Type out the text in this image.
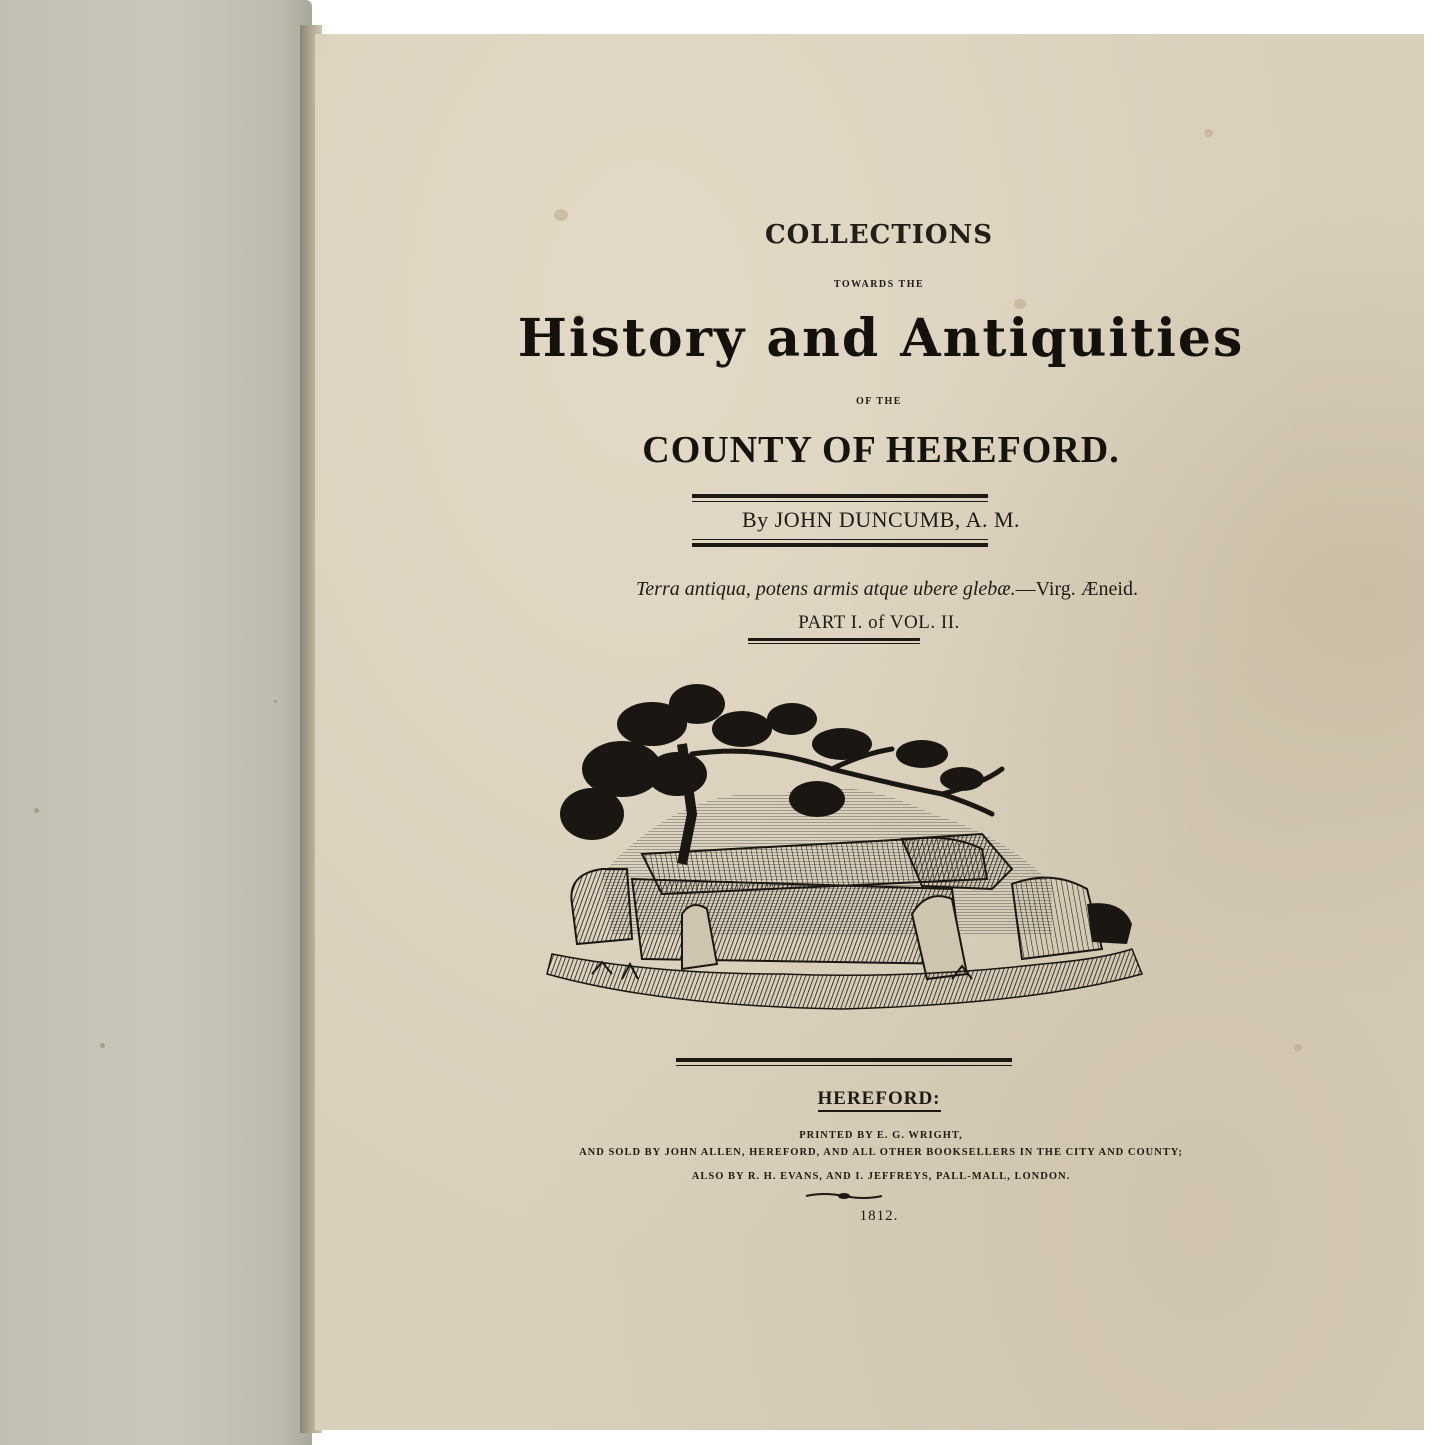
COLLECTIONS
TOWARDS THE
History and Antiquities
OF THE
COUNTY OF HEREFORD.
By JOHN DUNCUMB, A. M.
Terra antiqua, potens armis atque ubere glebæ.—Virg. Æneid.
PART I. of VOL. II.
HEREFORD:
PRINTED BY E. G. WRIGHT,
AND SOLD BY JOHN ALLEN, HEREFORD, AND ALL OTHER BOOKSELLERS IN THE CITY AND COUNTY;
ALSO BY R. H. EVANS, AND I. JEFFREYS, PALL-MALL, LONDON.
1812.
